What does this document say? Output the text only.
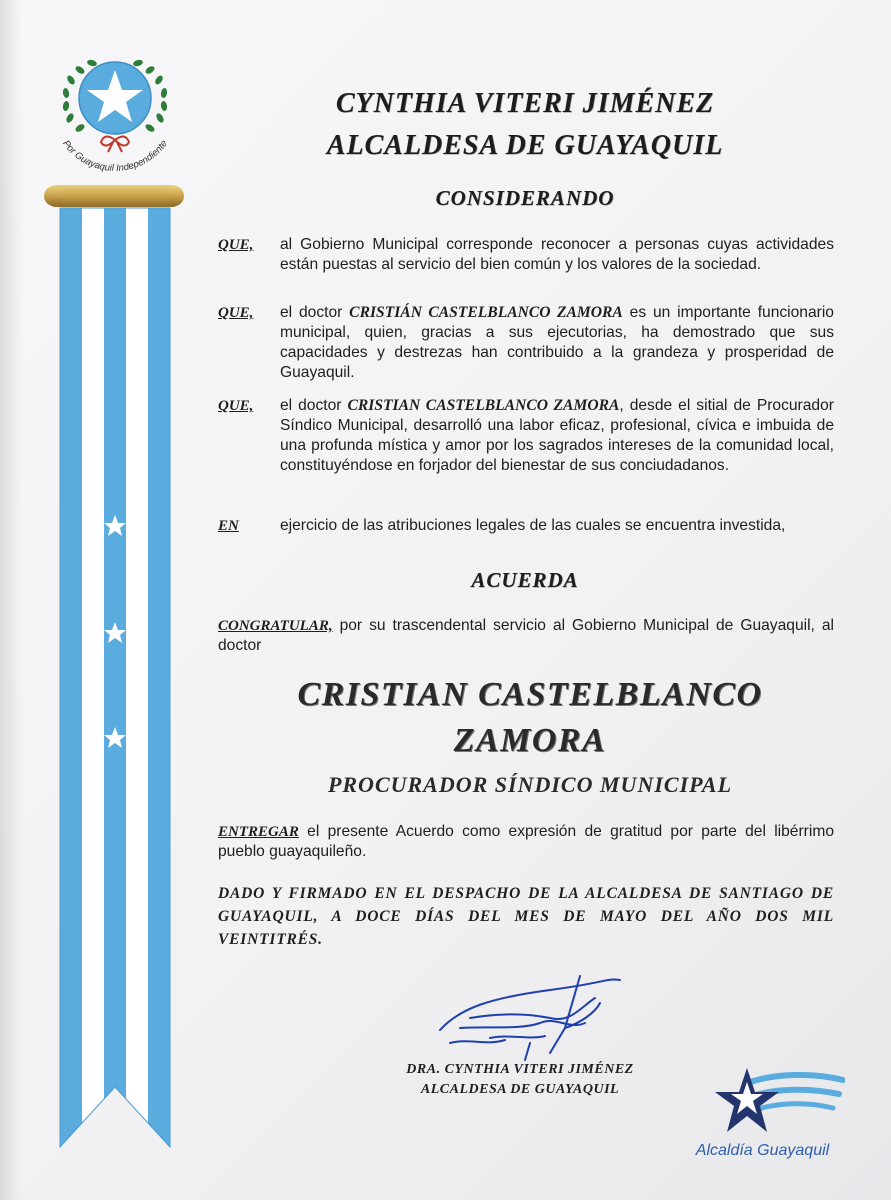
Por Guayaquil Independiente
CYNTHIA VITERI JIMÉNEZ
ALCALDESA DE GUAYAQUIL
CONSIDERANDO
QUE, al Gobierno Municipal corresponde reconocer a personas cuyas actividades están puestas al servicio del bien común y los valores de la sociedad.
QUE, el doctor CRISTIÁN CASTELBLANCO ZAMORA es un importante funcionario municipal, quien, gracias a sus ejecutorias, ha demostrado que sus capacidades y destrezas han contribuido a la grandeza y prosperidad de Guayaquil.
QUE, el doctor CRISTIAN CASTELBLANCO ZAMORA, desde el sitial de Procurador Síndico Municipal, desarrolló una labor eficaz, profesional, cívica e imbuida de una profunda mística y amor por los sagrados intereses de la comunidad local, constituyéndose en forjador del bienestar de sus conciudadanos.
EN	ejercicio de las atribuciones legales de las cuales se encuentra investida,
ACUERDA
CONGRATULAR, por su trascendental servicio al Gobierno Municipal de Guayaquil, al doctor
CRISTIAN CASTELBLANCO
ZAMORA
PROCURADOR SÍNDICO MUNICIPAL
ENTREGAR el presente Acuerdo como expresión de gratitud por parte del libérrimo pueblo guayaquileño.
DADO Y FIRMADO EN EL DESPACHO DE LA ALCALDESA DE SANTIAGO DE GUAYAQUIL, A DOCE DÍAS DEL MES DE MAYO DEL AÑO DOS MIL VEINTITRÉS.
DRA. CYNTHIA VITERI JIMÉNEZ
ALCALDESA DE GUAYAQUIL
Alcaldía Guayaquil
